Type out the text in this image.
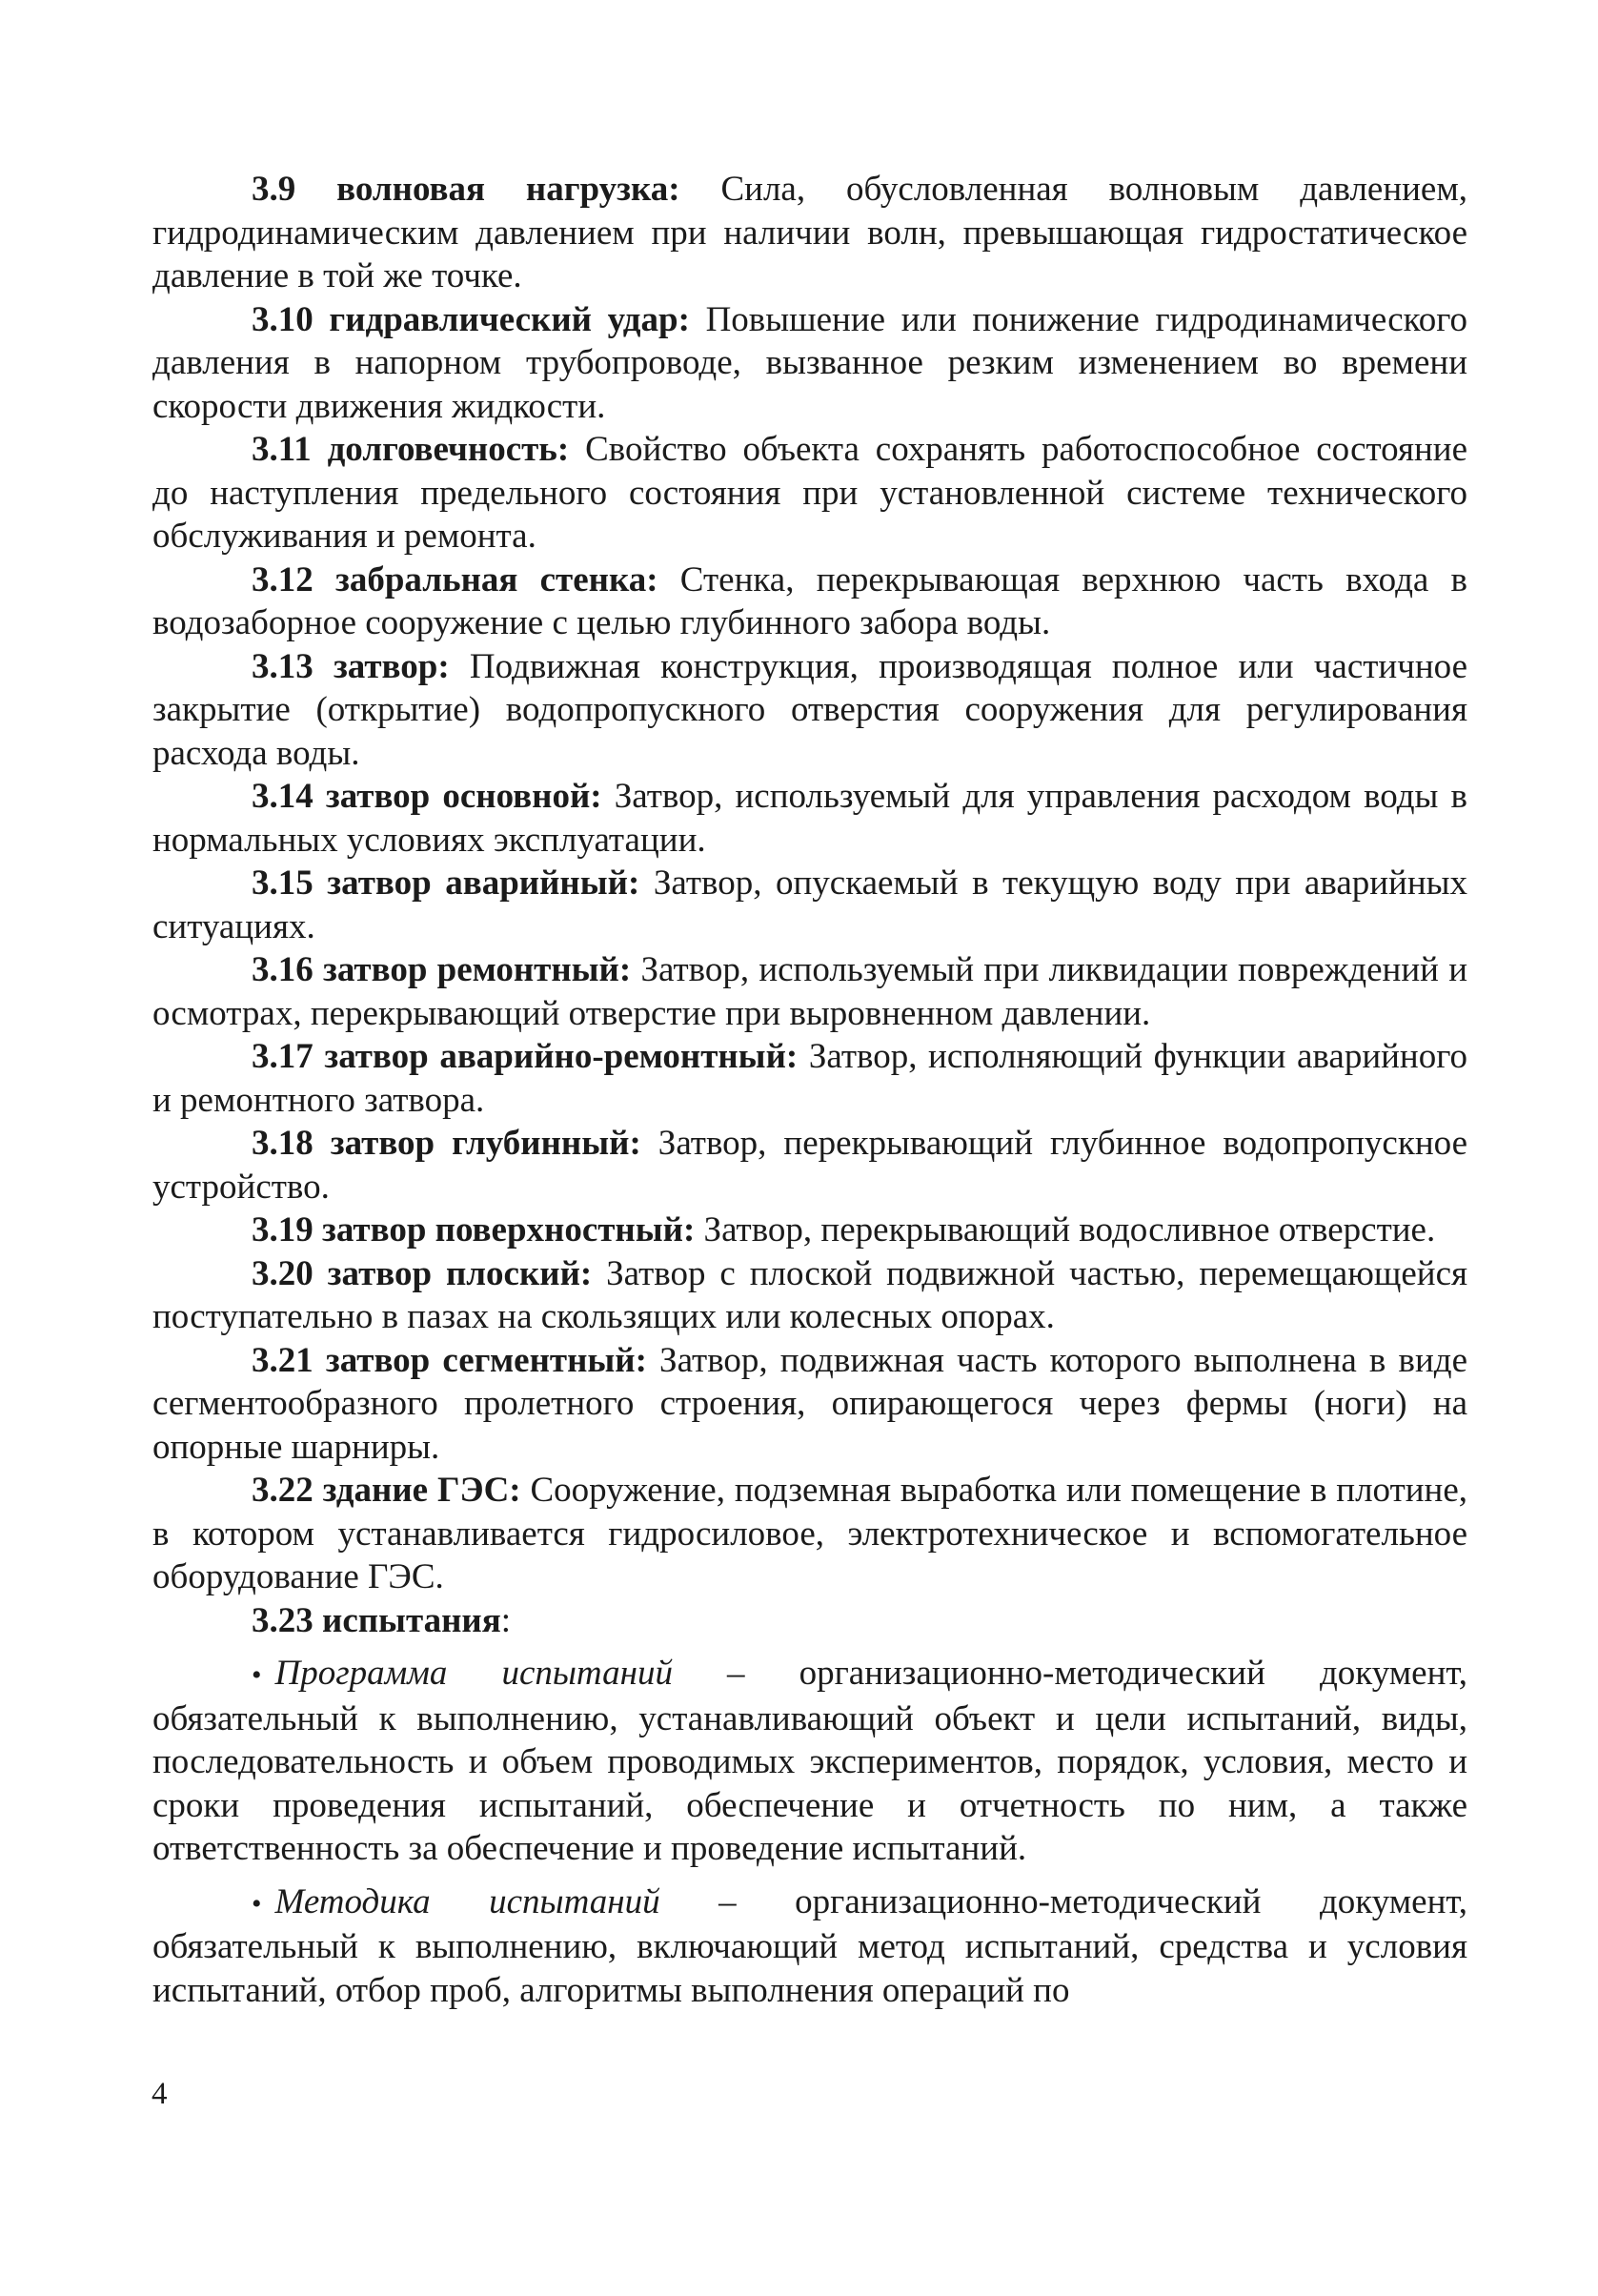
3.9 волновая нагрузка: Сила, обусловленная волновым давлением, гидродинамическим давлением при наличии волн, превышающая гидростатическое давление в той же точке.

3.10 гидравлический удар: Повышение или понижение гидродинамического давления в напорном трубопроводе, вызванное резким изменением во времени скорости движения жидкости.

3.11 долговечность: Свойство объекта сохранять работоспособное состояние до наступления предельного состояния при установленной системе технического обслуживания и ремонта.

3.12 забральная стенка: Стенка, перекрывающая верхнюю часть входа в водозаборное сооружение с целью глубинного забора воды.

3.13 затвор: Подвижная конструкция, производящая полное или частичное закрытие (открытие) водопропускного отверстия сооружения для регулирования расхода воды.

3.14 затвор основной: Затвор, используемый для управления расходом воды в нормальных условиях эксплуатации.

3.15 затвор аварийный: Затвор, опускаемый в текущую воду при аварийных ситуациях.

3.16 затвор ремонтный: Затвор, используемый при ликвидации повреждений и осмотрах, перекрывающий отверстие при выровненном давлении.

3.17 затвор аварийно-ремонтный: Затвор, исполняющий функции аварийного и ремонтного затвора.

3.18 затвор глубинный: Затвор, перекрывающий глубинное водопропускное устройство.

3.19 затвор поверхностный: Затвор, перекрывающий водосливное отверстие.

3.20 затвор плоский: Затвор с плоской подвижной частью, перемещающейся поступательно в пазах на скользящих или колесных опорах.

3.21 затвор сегментный: Затвор, подвижная часть которого выполнена в виде сегментообразного пролетного строения, опирающегося через фермы (ноги) на опорные шарниры.

3.22 здание ГЭС: Сооружение, подземная выработка или помещение в плотине, в котором устанавливается гидросиловое, электротехническое и вспомогательное оборудование ГЭС.

3.23 испытания:

• Программа испытаний – организационно-методический документ, обязательный к выполнению, устанавливающий объект и цели испытаний, виды, последовательность и объем проводимых экспериментов, порядок, условия, место и сроки проведения испытаний, обеспечение и отчетность по ним, а также ответственность за обеспечение и проведение испытаний.

• Методика испытаний – организационно-методический документ, обязательный к выполнению, включающий метод испытаний, средства и условия испытаний, отбор проб, алгоритмы выполнения операций по

4
